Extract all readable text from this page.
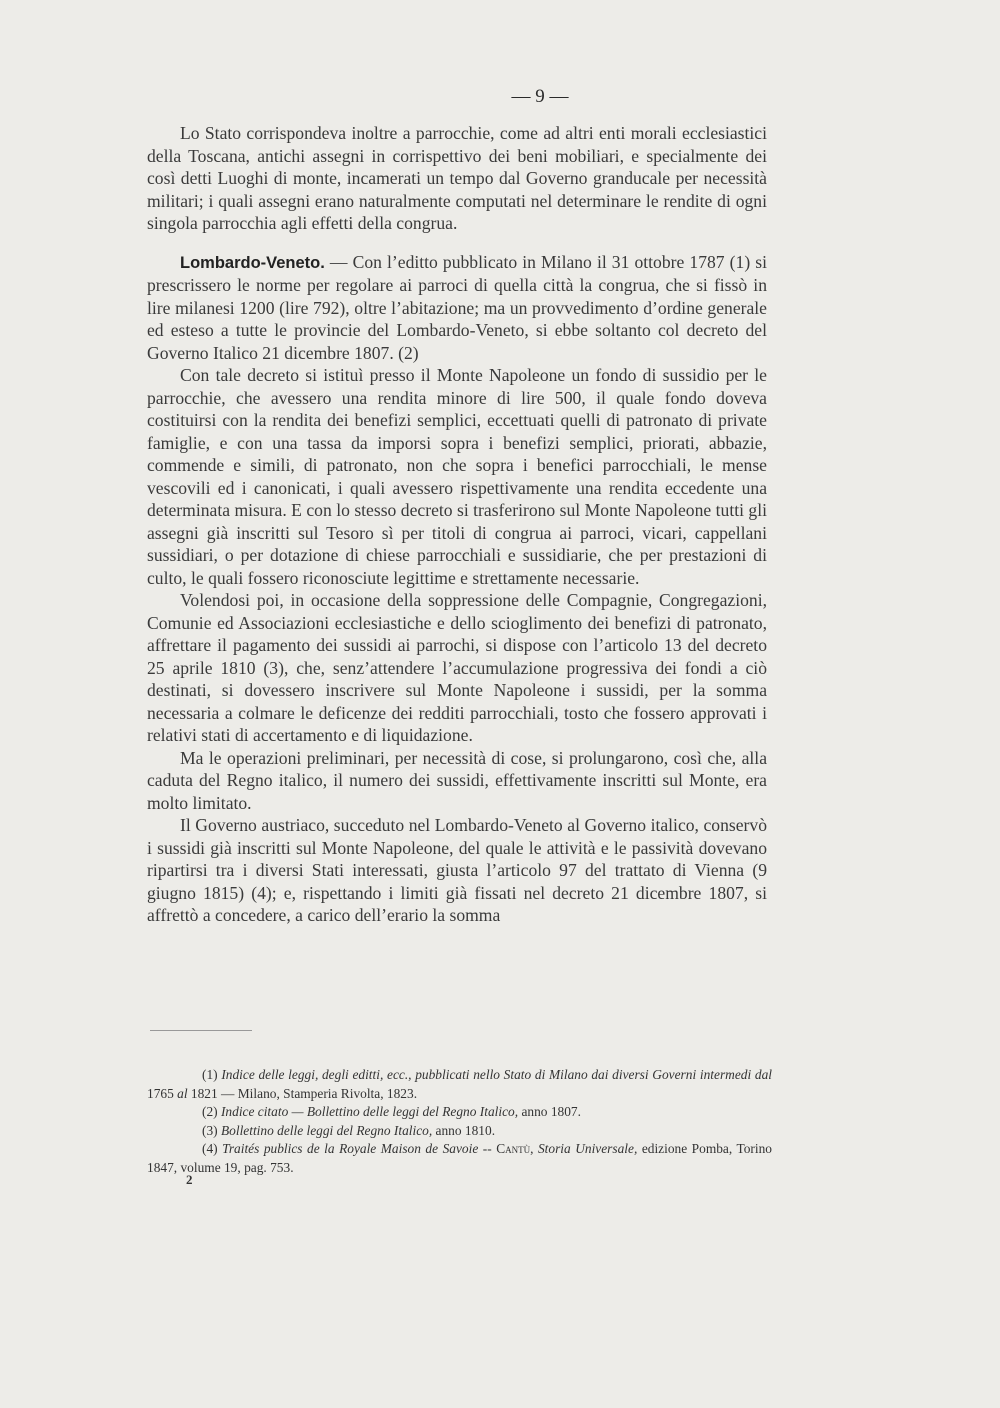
— 9 —

Lo Stato corrispondeva inoltre a parrocchie, come ad altri enti morali ecclesiastici della Toscana, antichi assegni in corrispettivo dei beni mobiliari, e specialmente dei così detti Luoghi di monte, incamerati un tempo dal Governo granducale per necessità militari; i quali assegni erano naturalmente computati nel determinare le rendite di ogni singola parrocchia agli effetti della congrua.

Lombardo-Veneto. — Con l’editto pubblicato in Milano il 31 ottobre 1787 (1) si prescrissero le norme per regolare ai parroci di quella città la congrua, che si fissò in lire milanesi 1200 (lire 792), oltre l’abitazione; ma un provvedimento d’ordine generale ed esteso a tutte le provincie del Lombardo-Veneto, si ebbe soltanto col decreto del Governo Italico 21 dicembre 1807. (2)

Con tale decreto si istituì presso il Monte Napoleone un fondo di sussidio per le parrocchie, che avessero una rendita minore di lire 500, il quale fondo doveva costituirsi con la rendita dei benefizi semplici, eccettuati quelli di patronato di private famiglie, e con una tassa da imporsi sopra i benefizi semplici, priorati, abbazie, commende e simili, di patronato, non che sopra i benefici parrocchiali, le mense vescovili ed i canonicati, i quali avessero rispettivamente una rendita eccedente una determinata misura. E con lo stesso decreto si trasferirono sul Monte Napoleone tutti gli assegni già inscritti sul Tesoro sì per titoli di congrua ai parroci, vicari, cappellani sussidiari, o per dotazione di chiese parrocchiali e sussidiarie, che per prestazioni di culto, le quali fossero riconosciute legittime e strettamente necessarie.

Volendosi poi, in occasione della soppressione delle Compagnie, Congregazioni, Comunie ed Associazioni ecclesiastiche e dello scioglimento dei benefizi di patronato, affrettare il pagamento dei sussidi ai parrochi, si dispose con l’articolo 13 del decreto 25 aprile 1810 (3), che, senz’attendere l’accumulazione progressiva dei fondi a ciò destinati, si dovessero inscrivere sul Monte Napoleone i sussidi, per la somma necessaria a colmare le deficenze dei redditi parrocchiali, tosto che fossero approvati i relativi stati di accertamento e di liquidazione.

Ma le operazioni preliminari, per necessità di cose, si prolungarono, così che, alla caduta del Regno italico, il numero dei sussidi, effettivamente inscritti sul Monte, era molto limitato.

Il Governo austriaco, succeduto nel Lombardo-Veneto al Governo italico, conservò i sussidi già inscritti sul Monte Napoleone, del quale le attività e le passività dovevano ripartirsi tra i diversi Stati interessati, giusta l’articolo 97 del trattato di Vienna (9 giugno 1815) (4); e, rispettando i limiti già fissati nel decreto 21 dicembre 1807, si affrettò a concedere, a carico dell’erario la somma

(1) Indice delle leggi, degli editti, ecc., pubblicati nello Stato di Milano dai diversi Governi intermedi dal 1765 al 1821 — Milano, Stamperia Rivolta, 1823.

(2) Indice citato — Bollettino delle leggi del Regno Italico, anno 1807.

(3) Bollettino delle leggi del Regno Italico, anno 1810.

(4) Traités publics de la Royale Maison de Savoie -- Cantù, Storia Universale, edizione Pomba, Torino 1847, volume 19, pag. 753.

2
